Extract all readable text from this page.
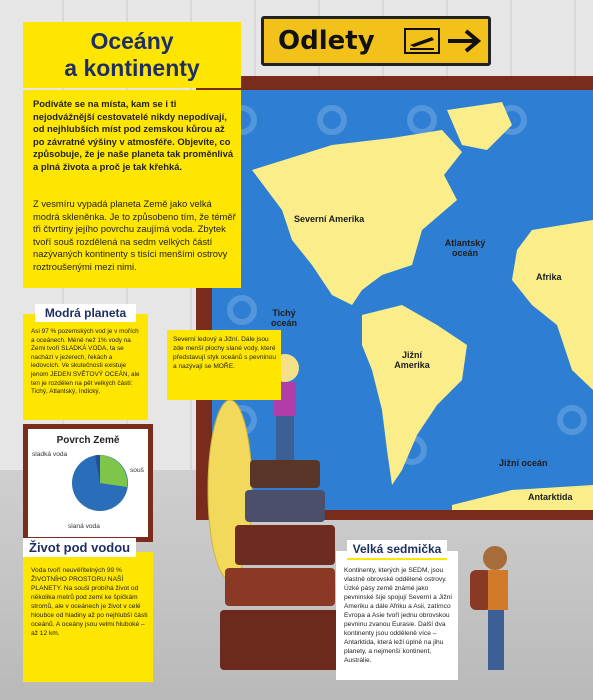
Severní Amerika
Atlantský oceán
Afrika
Tichý oceán
Jižní Amerika
Jižní oceán
Antarktida
Odlety
Oceány
a kontinenty
Podíváte se na místa, kam se i ti nejodvážnější cestovatelé nikdy nepodívají, od nejhlubších míst pod zemskou kůrou až po závratné výšiny v atmosféře. Objevíte, co způsobuje, že je naše planeta tak proměnlivá a plná života a proč je tak křehká.
Z vesmíru vypadá planeta Země jako velká modrá skleněnka. Je to způsobeno tím, že téměř tři čtvrtiny jejího povrchu zaujímá voda. Zbytek tvoří souš rozdělená na sedm velkých částí nazývaných kontinenty s tisíci menšími ostrovy roztroušenými mezi nimi.
Modrá planeta
Asi 97 % pozemských vod je v mořích a oceánech. Méně než 1% vody na Zemi tvoří SLADKÁ VODA, ta se nachází v jezerech, řekách a ledovcích. Ve skutečnosti existuje jenom JEDEN SVĚTOVÝ OCEÁN, ale ten je rozdělen na pět velkých částí: Tichý, Atlantský, Indický,
Severní ledový a Jižní. Dále jsou zde menší plochy slané vody, které představují styk oceánů s pevninou a nazývají se MOŘE.
Povrch Země
sladká voda
souš
slaná voda
Život pod vodou
Voda tvoří neuvěřitelných 99 % ŽIVOTNÍHO PROSTORU NAŠÍ PLANETY. Na souši probíhá život od několika metrů pod zemí ke špičkám stromů, ale v oceánech je život v celé hloubce od hladiny až po nejhlubší části oceánů. A oceány jsou velmi hluboké – až 12 km.
Velká sedmička
Kontinenty, kterých je SEDM, jsou vlastně obrovské oddělené ostrovy. Úzké pásy země známé jako pevninské šíje spojují Severní a Jižní Ameriku a dále Afriku a Asii, zatímco Evropa a Asie tvoří jednu obrovskou pevninu zvanou Eurasie. Další dva kontinenty jsou odděleně více – Antarktida, která leží úplně na jihu planety, a nejmenší kontinent, Austrálie.
